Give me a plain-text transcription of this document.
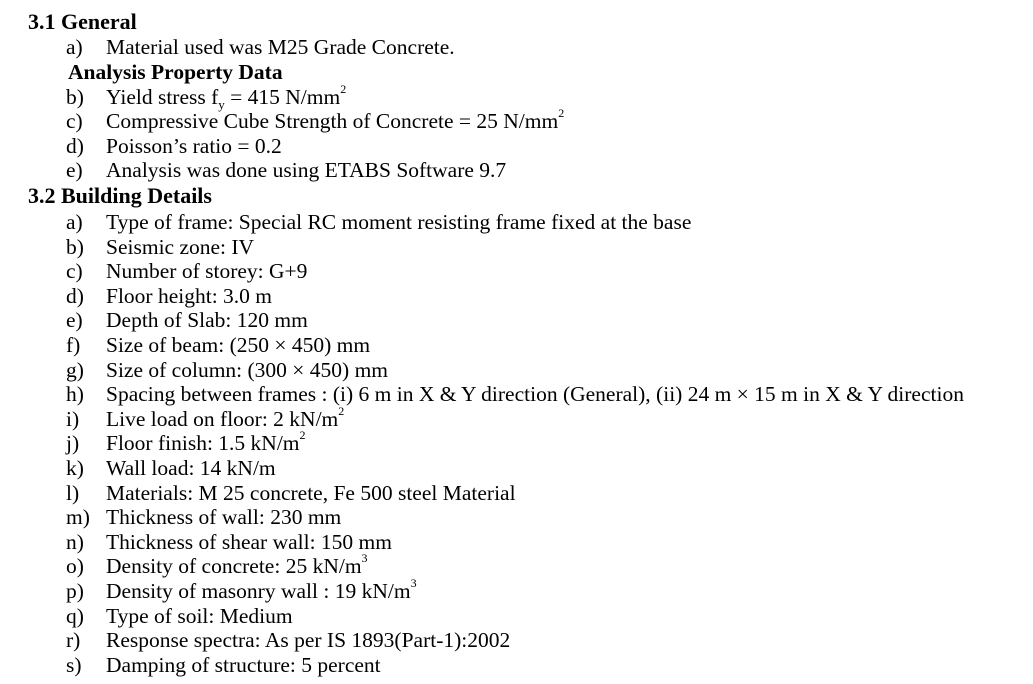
3.1 General
a) Material used was M25 Grade Concrete.
Analysis Property Data
b) Yield stress $f_y = 415$ $N/mm^2$
c) Compressive Cube Strength of Concrete = 25 $N/mm^2$
d) Poisson’s ratio = 0.2
e) Analysis was done using ETABS Software 9.7
3.2 Building Details
a) Type of frame: Special RC moment resisting frame fixed at the base
b) Seismic zone: IV
c) Number of storey: G+9
d) Floor height: 3.0 m
e) Depth of Slab: 120 mm
f) Size of beam: (250 × 450) mm
g) Size of column: (300 × 450) mm
h) Spacing between frames : (i) 6 m in X & Y direction (General), (ii) 24 m × 15 m in X & Y direction
i) Live load on floor: 2 $kN/m^2$
j) Floor finish: 1.5 $kN/m^2$
k) Wall load: 14 kN/m
l) Materials: M 25 concrete, Fe 500 steel Material
m) Thickness of wall: 230 mm
n) Thickness of shear wall: 150 mm
o) Density of concrete: 25 $kN/m^3$
p) Density of masonry wall : 19 $kN/m^3$
q) Type of soil: Medium
r) Response spectra: As per IS 1893(Part-1):2002
s) Damping of structure: 5 percent
